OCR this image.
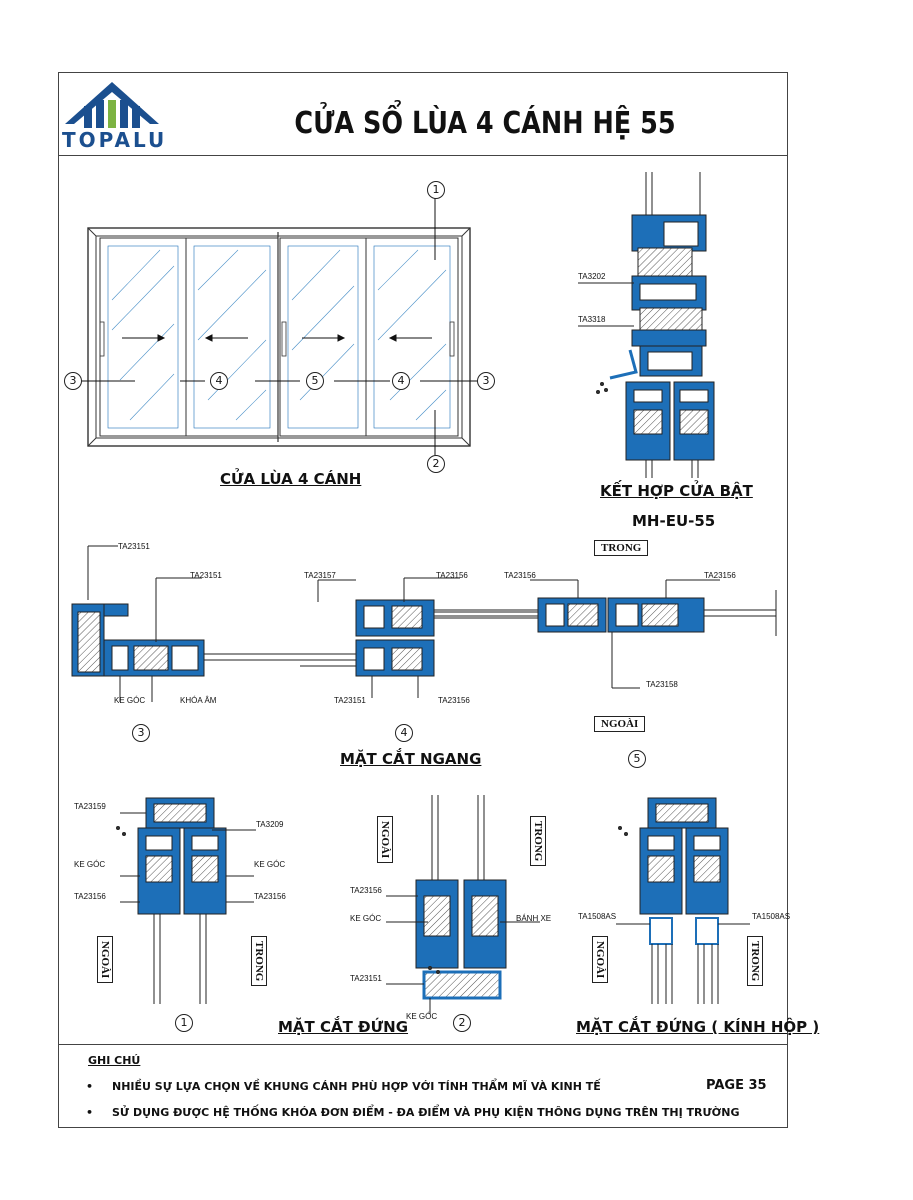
TOPALU	CỬA SỔ LÙA 4 CÁNH HỆ 55
1
2
3	4	5	4	3
CỬA LÙA 4 CÁNH
TA3202
TA3318
KẾT HỢP CỬA BẬT
MH-EU-55
TRONG
NGOÀI
TA23151
TA23151
KE GÓC	KHÓA ÂM
3
TA23157	TA23156
TA23151	TA23156
4
TA23156	TA23156
TA23158
5
MẶT CẮT NGANG
TA23159
TA3209
KE GÓC	KE GÓC
TA23156	TA23156
NGOÀI	TRONG
1
NGOÀI	TRONG
TA23156
KE GÓC	BÁNH XE
TA23151
KE GÓC	2
MẶT CẮT ĐỨNG
TA1508AS	TA1508AS
NGOÀI	TRONG
MẶT CẮT ĐỨNG ( KÍNH HỘP )
GHI CHÚ
• NHIỀU SỰ LỰA CHỌN VỀ KHUNG CÁNH PHÙ HỢP VỚI TÍNH THẨM MĨ VÀ KINH TẾ
• SỬ DỤNG ĐƯỢC HỆ THỐNG KHÓA ĐƠN ĐIỂM - ĐA ĐIỂM VÀ PHỤ KIỆN THÔNG DỤNG TRÊN THỊ TRƯỜNG
PAGE 35
